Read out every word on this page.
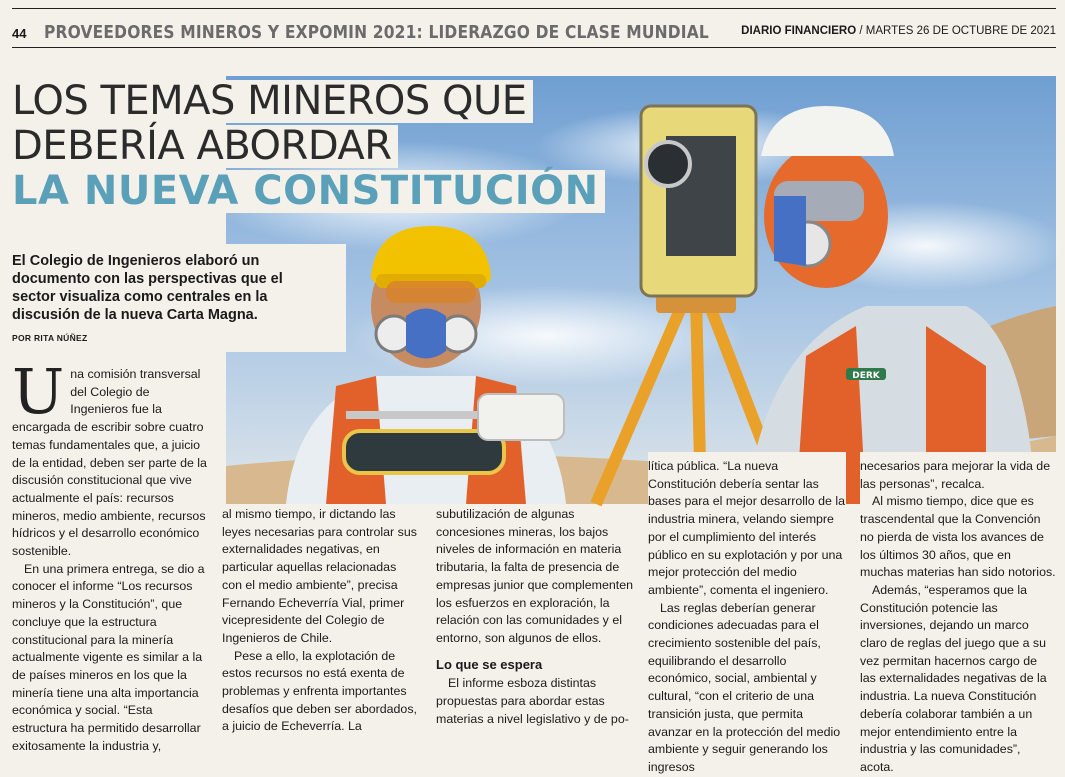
44 PROVEEDORES MINEROS Y EXPOMIN 2021: LIDERAZGO DE CLASE MUNDIAL	DIARIO FINANCIERO / MARTES 26 DE OCTUBRE DE 2021
DERK
LOS TEMAS MINEROS QUE
DEBERÍA ABORDAR
LA NUEVA CONSTITUCIÓN
El Colegio de Ingenieros elaboró un documento con las perspectivas que el sector visualiza como centrales en la discusión de la nueva Carta Magna.
POR RITA NÚÑEZ

Una comisión transversal del Colegio de Ingenieros fue la encargada de escribir sobre cuatro temas fundamentales que, a juicio de la entidad, deben ser parte de la discusión constitucional que vive actualmente el país: recursos mineros, medio ambiente, recursos hídricos y el desarrollo económico sostenible.

En una primera entrega, se dio a conocer el informe “Los recursos mineros y la Constitución”, que concluye que la estructura constitucional para la minería actualmente vigente es similar a la de países mineros en los que la minería tiene una alta importancia económica y social. “Esta estructura ha permitido desarrollar exitosamente la industria y,

al mismo tiempo, ir dictando las leyes necesarias para controlar sus externalidades negativas, en particular aquellas relacionadas con el medio ambiente”, precisa Fernando Echeverría Vial, primer vicepresidente del Colegio de Ingenieros de Chile.

Pese a ello, la explotación de estos recursos no está exenta de problemas y enfrenta importantes desafíos que deben ser abordados, a juicio de Echeverría. La

subutilización de algunas concesiones mineras, los bajos niveles de información en materia tributaria, la falta de presencia de empresas junior que complementen los esfuerzos en exploración, la relación con las comunidades y el entorno, son algunos de ellos.

Lo que se espera

El informe esboza distintas propuestas para abordar estas materias a nivel legislativo y de po-

lítica pública. “La nueva Constitución debería sentar las bases para el mejor desarrollo de la industria minera, velando siempre por el cumplimiento del interés público en su explotación y por una mejor protección del medio ambiente”, comenta el ingeniero.

Las reglas deberían generar condiciones adecuadas para el crecimiento sostenible del país, equilibrando el desarrollo económico, social, ambiental y cultural, “con el criterio de una transición justa, que permita avanzar en la protección del medio ambiente y seguir generando los ingresos

necesarios para mejorar la vida de las personas”, recalca.

Al mismo tiempo, dice que es trascendental que la Convención no pierda de vista los avances de los últimos 30 años, que en muchas materias han sido notorios.

Además, “esperamos que la Constitución potencie las inversiones, dejando un marco claro de reglas del juego que a su vez permitan hacernos cargo de las externalidades negativas de la industria. La nueva Constitución debería colaborar también a un mejor entendimiento entre la industria y las comunidades”, acota.
